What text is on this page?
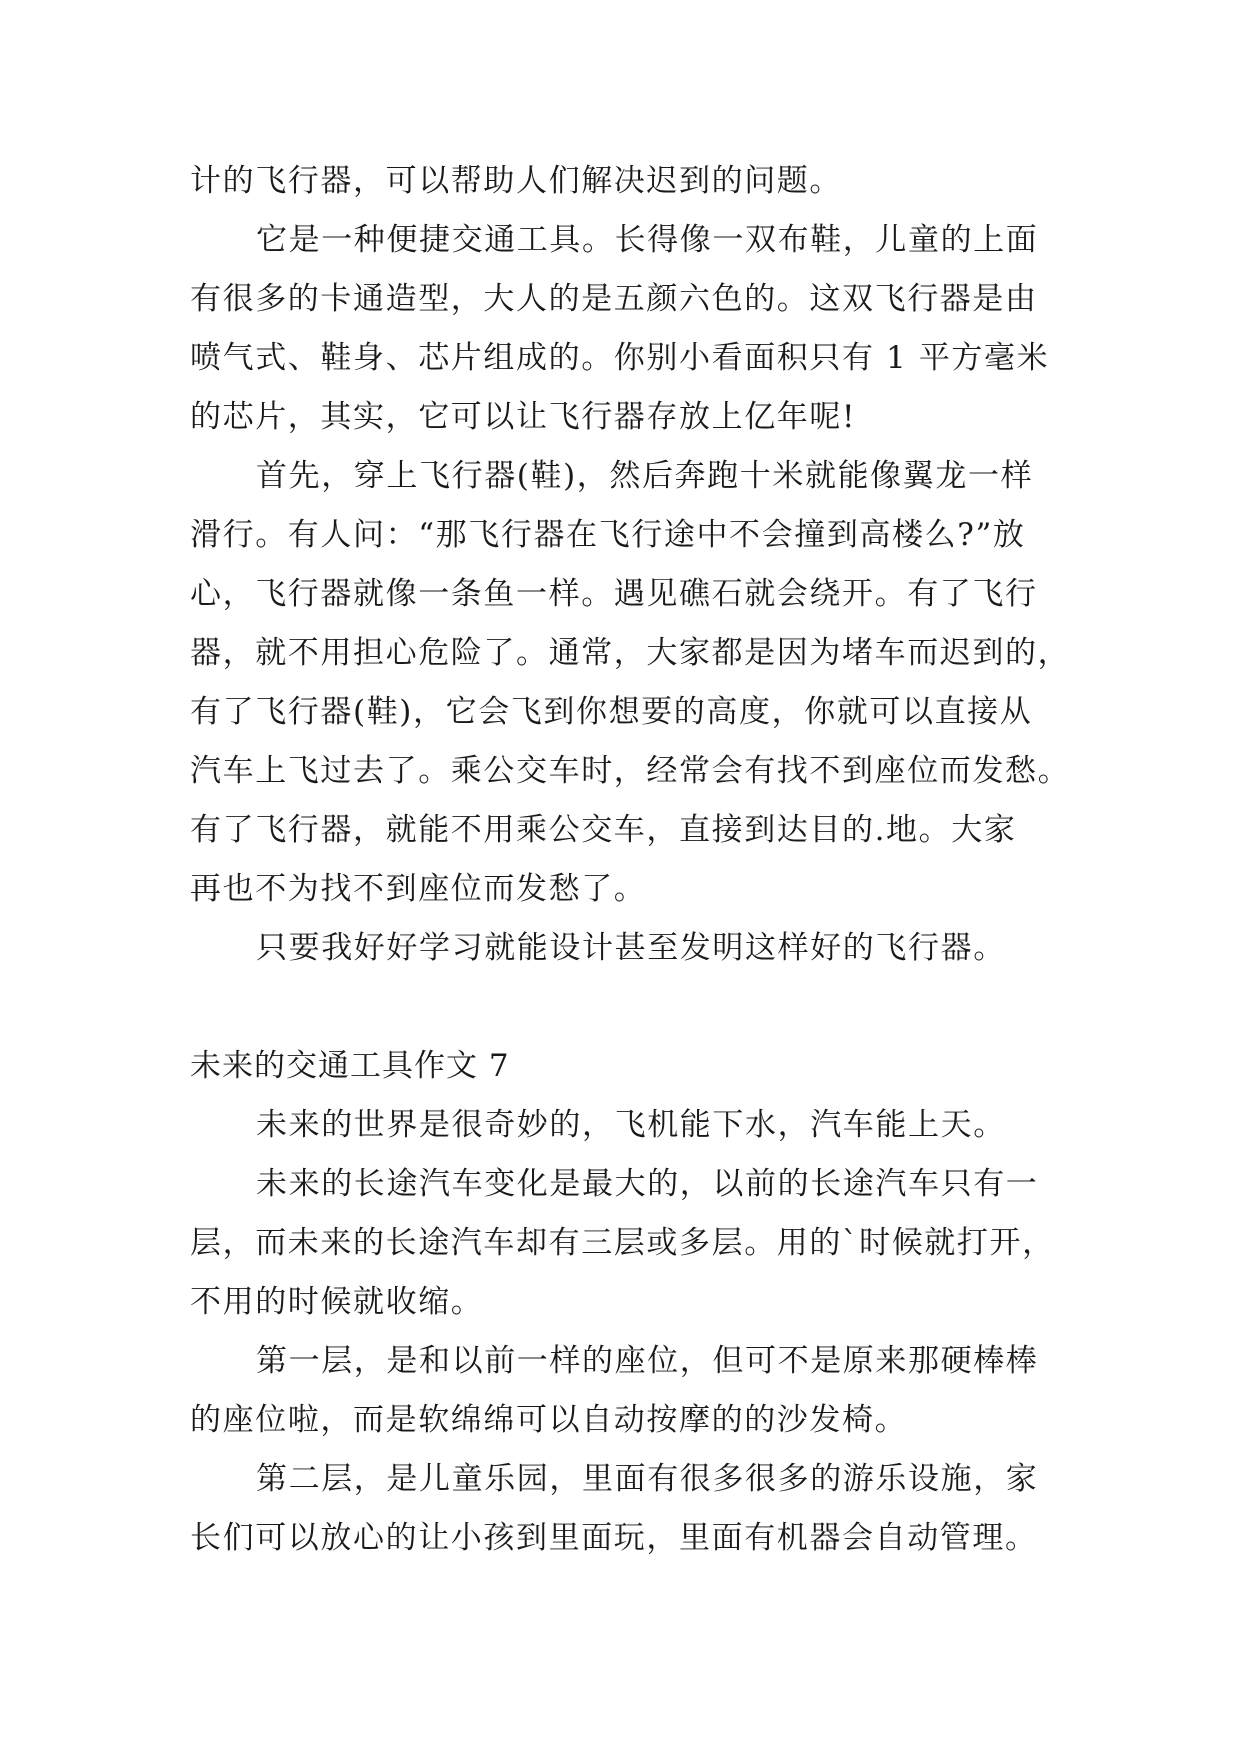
计的飞行器，可以帮助人们解决迟到的问题。
它是一种便捷交通工具。长得像一双布鞋，儿童的上面
有很多的卡通造型，大人的是五颜六色的。这双飞行器是由
喷气式、鞋身、芯片组成的。你别小看面积只有 1 平方毫米
的芯片，其实，它可以让飞行器存放上亿年呢!
首先，穿上飞行器(鞋)，然后奔跑十米就能像翼龙一样
滑行。有人问：“那飞行器在飞行途中不会撞到高楼么?”放
心，飞行器就像一条鱼一样。遇见礁石就会绕开。有了飞行
器，就不用担心危险了。通常，大家都是因为堵车而迟到的，
有了飞行器(鞋)，它会飞到你想要的高度，你就可以直接从
汽车上飞过去了。乘公交车时，经常会有找不到座位而发愁。
有了飞行器，就能不用乘公交车，直接到达目的.地。大家
再也不为找不到座位而发愁了。
只要我好好学习就能设计甚至发明这样好的飞行器。
未来的交通工具作文 7
未来的世界是很奇妙的，飞机能下水，汽车能上天。
未来的长途汽车变化是最大的，以前的长途汽车只有一
层，而未来的长途汽车却有三层或多层。用的`时候就打开，
不用的时候就收缩。
第一层，是和以前一样的座位，但可不是原来那硬棒棒
的座位啦，而是软绵绵可以自动按摩的的沙发椅。
第二层，是儿童乐园，里面有很多很多的游乐设施，家
长们可以放心的让小孩到里面玩，里面有机器会自动管理。
